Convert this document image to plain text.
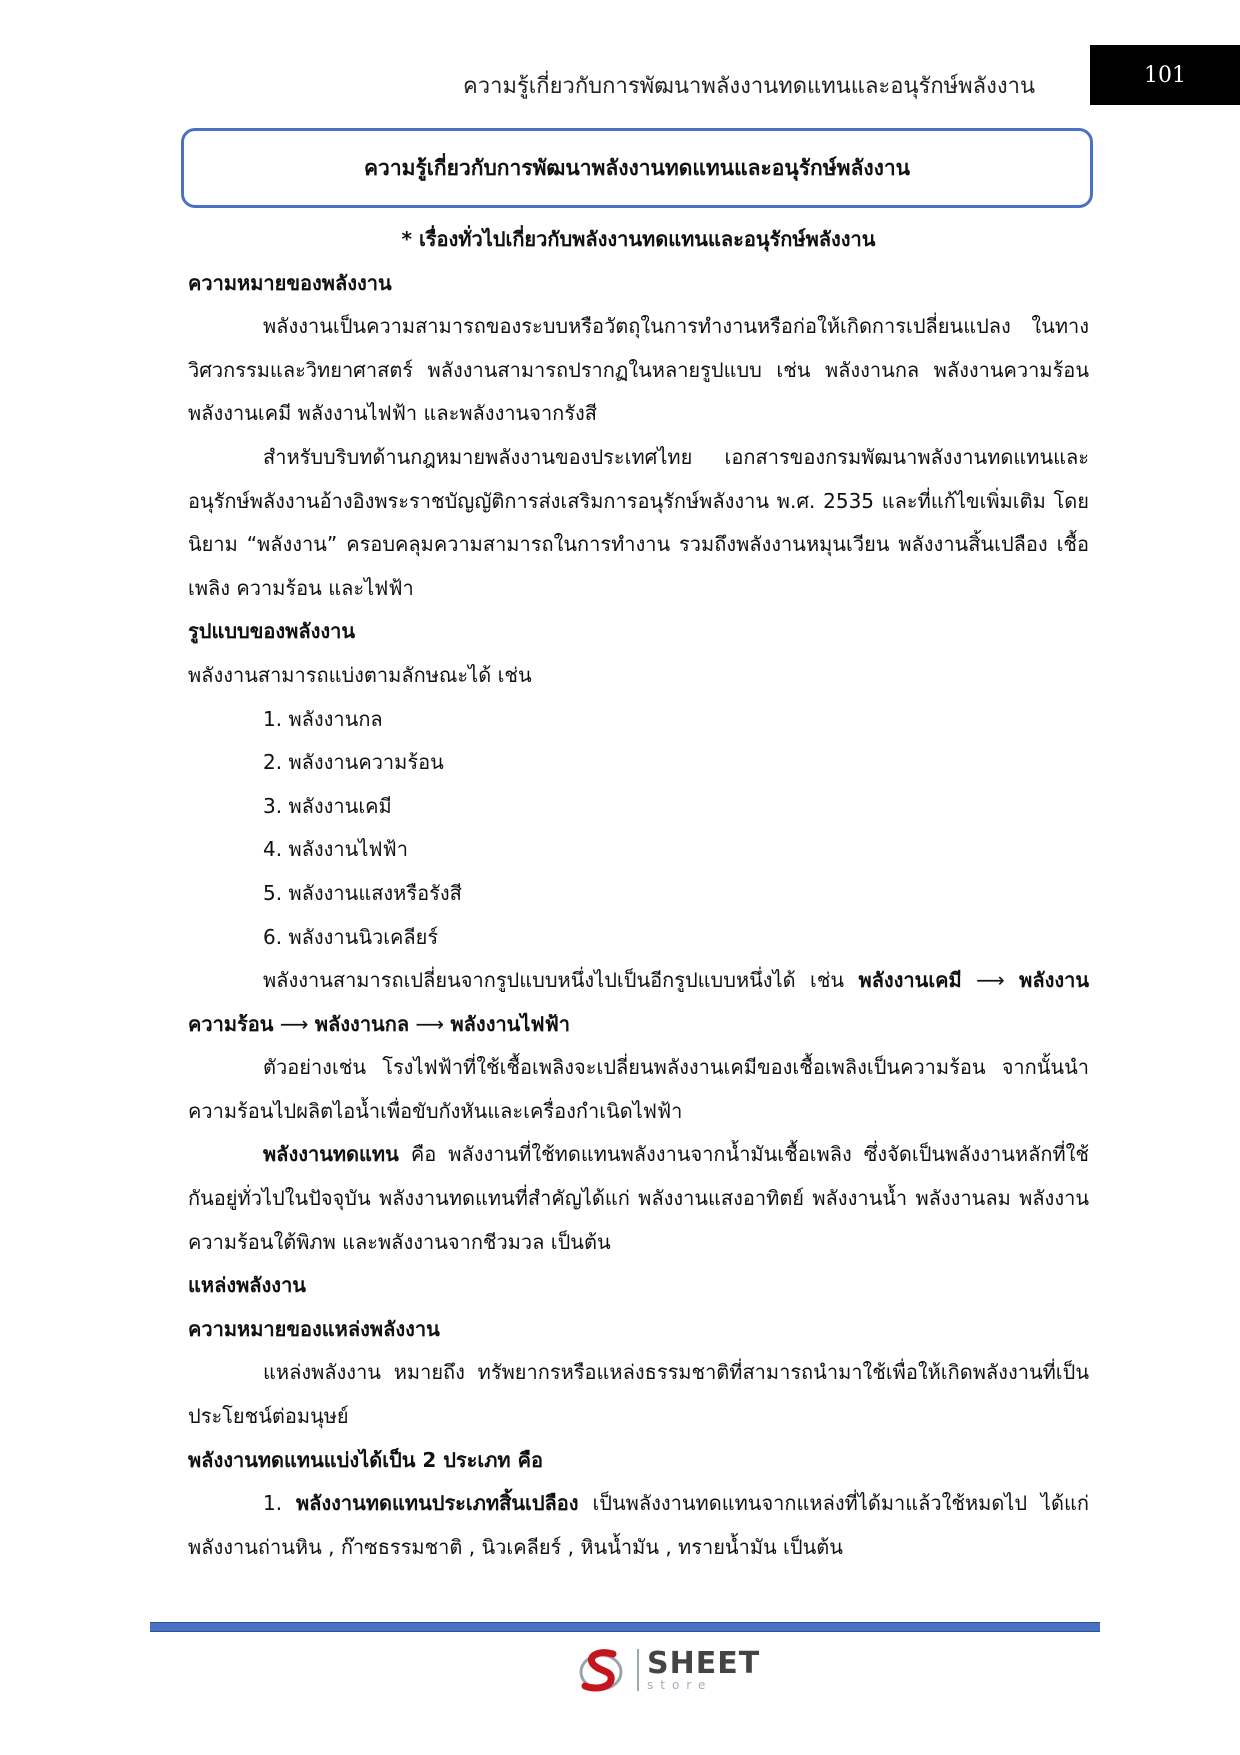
ความรู้เกี่ยวกับการพัฒนาพลังงานทดแทนและอนุรักษ์พลังงาน	101
ความรู้เกี่ยวกับการพัฒนาพลังงานทดแทนและอนุรักษ์พลังงาน

* เรื่องทั่วไปเกี่ยวกับพลังงานทดแทนและอนุรักษ์พลังงาน

ความหมายของพลังงาน

พลังงานเป็นความสามารถของระบบหรือวัตถุในการทำงานหรือก่อให้เกิดการเปลี่ยนแปลง ในทางวิศวกรรมและวิทยาศาสตร์ พลังงานสามารถปรากฏในหลายรูปแบบ เช่น พลังงานกล พลังงานความร้อน พลังงานเคมี พลังงานไฟฟ้า และพลังงานจากรังสี

สำหรับบริบทด้านกฎหมายพลังงานของประเทศไทย เอกสารของกรมพัฒนาพลังงานทดแทนและอนุรักษ์พลังงานอ้างอิงพระราชบัญญัติการส่งเสริมการอนุรักษ์พลังงาน พ.ศ. 2535 และที่แก้ไขเพิ่มเติม โดยนิยาม “พลังงาน” ครอบคลุมความสามารถในการทำงาน รวมถึงพลังงานหมุนเวียน พลังงานสิ้นเปลือง เชื้อเพลิง ความร้อน และไฟฟ้า

รูปแบบของพลังงาน

พลังงานสามารถแบ่งตามลักษณะได้ เช่น

1. พลังงานกล

2. พลังงานความร้อน

3. พลังงานเคมี

4. พลังงานไฟฟ้า

5. พลังงานแสงหรือรังสี

6. พลังงานนิวเคลียร์

พลังงานสามารถเปลี่ยนจากรูปแบบหนึ่งไปเป็นอีกรูปแบบหนึ่งได้ เช่น พลังงานเคมี ⟶ พลังงานความร้อน ⟶ พลังงานกล ⟶ พลังงานไฟฟ้า

ตัวอย่างเช่น โรงไฟฟ้าที่ใช้เชื้อเพลิงจะเปลี่ยนพลังงานเคมีของเชื้อเพลิงเป็นความร้อน จากนั้นนำความร้อนไปผลิตไอน้ำเพื่อขับกังหันและเครื่องกำเนิดไฟฟ้า

พลังงานทดแทน คือ พลังงานที่ใช้ทดแทนพลังงานจากน้ำมันเชื้อเพลิง ซึ่งจัดเป็นพลังงานหลักที่ใช้กันอยู่ทั่วไปในปัจจุบัน พลังงานทดแทนที่สำคัญได้แก่ พลังงานแสงอาทิตย์ พลังงานน้ำ พลังงานลม พลังงานความร้อนใต้พิภพ และพลังงานจากชีวมวล เป็นต้น

แหล่งพลังงาน

ความหมายของแหล่งพลังงาน

แหล่งพลังงาน หมายถึง ทรัพยากรหรือแหล่งธรรมชาติที่สามารถนำมาใช้เพื่อให้เกิดพลังงานที่เป็นประโยชน์ต่อมนุษย์

พลังงานทดแทนแบ่งได้เป็น 2 ประเภท คือ

1. พลังงานทดแทนประเภทสิ้นเปลือง เป็นพลังงานทดแทนจากแหล่งที่ได้มาแล้วใช้หมดไป ได้แก่ พลังงานถ่านหิน , ก๊าซธรรมชาติ , นิวเคลียร์ , หินน้ำมัน , ทรายน้ำมัน เป็นต้น

SHEET
store
